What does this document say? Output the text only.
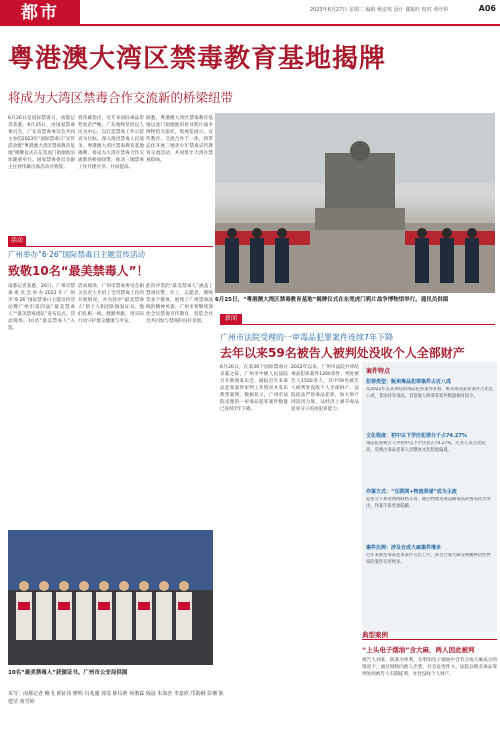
都市	2023年6月27日 星期二 编辑 杨安琪 设计 谢振旺 校对 黄叶婷	A06
粤港澳大湾区禁毒教育基地揭牌
将成为大湾区禁毒合作交流新的桥梁纽带
6月26日是国际禁毒日，南都记者获悉，6月25日，由国家禁毒委员会、广东省禁毒委员会共同主办的2023年“国际禁毒日”宣传活动暨“粤港澳大湾区禁毒教育基地”揭牌仪式在东莞虎门销烟池旧址隆重举行。国家禁毒委员会副主任曾伟雄出席活动并致辞。
曾伟雄指出，近年来国际毒品形势复杂严峻，广东始终坚持以人民为中心，以打造禁毒工作示范省为目标，深入推进禁毒人民战争。粤港澳大湾区禁毒教育基地揭牌，将成为大湾区禁毒合作交流新的桥梁纽带，推动三地禁毒工作共建共享、共同提高。
据悉，粤港澳大湾区禁毒教育基地以虎门销烟池旧址及鸦片战争博物馆为依托，集展览展示、宣传教育、交流合作于一体，将常态化开展三地青少年禁毒宣传教育交流活动，共同筑牢大湾区禁毒防线。
6月25日，“粤港澳大湾区禁毒教育基地”揭牌仪式在东莞虎门鸦片战争博物馆举行。通讯员供图
活动
广州举办“6·26”国际禁毒日主题宣传活动
致敬10名“最美禁毒人”！
南都记者获悉，26日，广州市禁毒委员会举办2023年广州市“6·26”国际禁毒日主题宣传活动暨广州市第四届“最美禁毒人”“最美禁毒团队”发布仪式。活动现场，10名“最美禁毒人”入选。
活动现场，广州市禁毒委员会相关负责人介绍了全市禁毒工作的开展情况，并为获评“最美禁毒人”的个人和团队颁发证书。他们扎根一线，默默奉献，用实际行动守护群众健康与平安。
此次评选的“最美禁毒人”涵盖了禁毒民警、社工、志愿者、教师等多个群体，展现了广州禁毒战线的精神风貌。广州市将继续深化全民禁毒宣传教育，营造全社会共同参与禁毒的良好氛围。
10名“最美禁毒人”获颁证书。广州市公安局供图
采写：南都记者 鲍飞 黄钲伟 廖明 冯兆盛 郭雯 陈仪莉 何谐霖 钱晨 朱海杏 李嘉欣 邝勋纲 彭珊 陈建莹 黄雪婷
新闻
广州市法院受理的一审毒品犯罪案件连续7年下降
去年以来59名被告人被判处没收个人全部财产
6月26日，在第36个国际禁毒日来临之际，广州市中级人民法院召开新闻发布会，通报近年来毒品犯罪案件审判工作情况并发布典型案例。数据显示，广州市法院受理的一审毒品犯罪案件数量已连续7年下降。
2022年以来，广州市法院共审结毒品犯罪案件1200余件，判处被告人1500余人，其中59名被告人被判处没收个人全部财产。法院依法严惩毒品犯罪，加大财产刑适用力度，从经济上剥夺毒品犯罪分子的再犯罪能力。
案件特点
犯罪类型：贩卖毒品犯罪案件占近八成
从2022年以来审结的毒品犯罪案件来看，贩卖毒品犯罪案件占比近八成，非法持有毒品、容留他人吸毒等案件数量相对较少。
文化程度：初中以下学历犯罪分子占74.27%
毒品犯罪被告人中初中以下学历者占74.27%，无业人员占比较高，反映出毒品犯罪人员整体文化程度偏低。
作案方式：“互联网+物流寄递”成为主流
犯罪分子利用网络联络交易、通过物流寄递运输毒品的情况较为突出，作案手段更加隐蔽。
案件比例：涉及合成大麻案件增多
近年来新型毒品犯罪案件占比上升，涉及合成大麻等新精神活性物质的案件有所增多。
典型案例
“上头电子烟油”含大麻，两人因此被判
被告人刘某、陈某为牟利，在明知电子烟油中含有合成大麻成分的情况下，通过网络向他人出售，社会危害性大。法院以贩卖毒品罪判处两被告人有期徒刑，并处没收个人财产。
